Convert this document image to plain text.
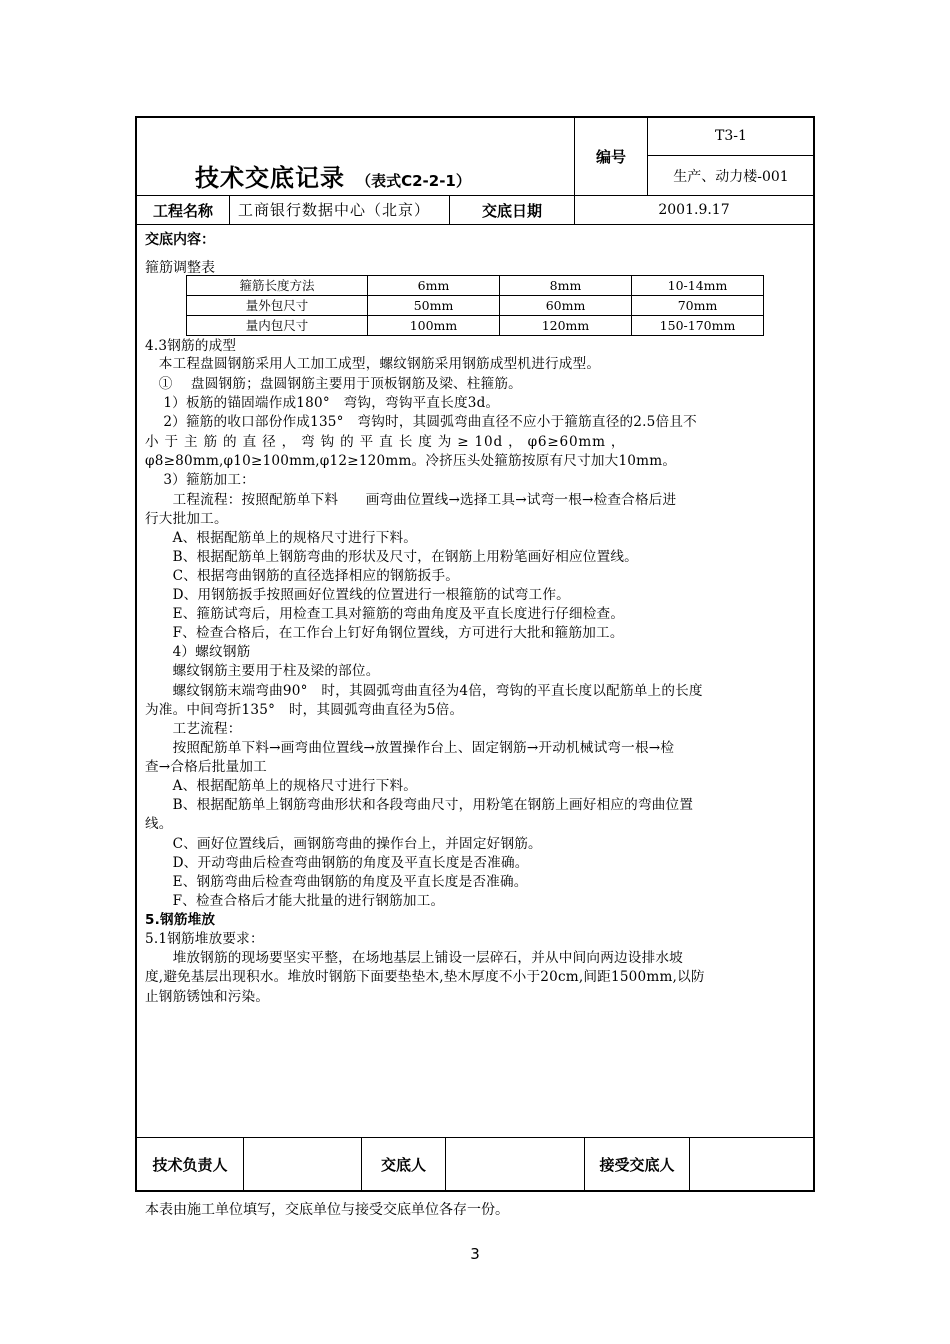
技术交底记录 （表式C2-2-1）
编号
T3-1
生产、动力楼-001
工程名称	工商银行数据中心（北京）	交底日期	2001.9.17
交底内容：
箍筋调整表
箍筋长度方法	6mm	8mm	10-14mm
量外包尺寸	50mm	60mm	70mm
量内包尺寸	100mm	120mm	150-170mm
4.3钢筋的成型
　本工程盘圆钢筋采用人工加工成型，螺纹钢筋采用钢筋成型机进行成型。
　①　 盘圆钢筋；盘圆钢筋主要用于顶板钢筋及梁、柱箍筋。
　 1）板筋的锚固端作成180°　弯钩，弯钩平直长度3d。
　 2）箍筋的收口部份作成135°　弯钩时，其圆弧弯曲直径不应小于箍筋直径的2.5倍且不
小 于 主 筋 的 直 径 ， 弯 钩 的 平 直 长 度 为 ≥ 10d ， φ6≥60mm ，
φ8≥80mm,φ10≥100mm,φ12≥120mm。冷挤压头处箍筋按原有尺寸加大10mm。
　 3）箍筋加工：
　　工程流程：按照配筋单下料　　画弯曲位置线→选择工具→试弯一根→检查合格后进
行大批加工。
　　A、根据配筋单上的规格尺寸进行下料。
　　B、根据配筋单上钢筋弯曲的形状及尺寸，在钢筋上用粉笔画好相应位置线。
　　C、根据弯曲钢筋的直径选择相应的钢筋扳手。
　　D、用钢筋扳手按照画好位置线的位置进行一根箍筋的试弯工作。
　　E、箍筋试弯后，用检查工具对箍筋的弯曲角度及平直长度进行仔细检查。
　　F、检查合格后，在工作台上钉好角钢位置线，方可进行大批和箍筋加工。
　　4）螺纹钢筋
　　螺纹钢筋主要用于柱及梁的部位。
　　螺纹钢筋末端弯曲90°　时，其圆弧弯曲直径为4倍，弯钩的平直长度以配筋单上的长度
为准。中间弯折135°　时，其圆弧弯曲直径为5倍。
　　工艺流程：
　　按照配筋单下料→画弯曲位置线→放置操作台上、固定钢筋→开动机械试弯一根→检
查→合格后批量加工
　　A、根据配筋单上的规格尺寸进行下料。
　　B、根据配筋单上钢筋弯曲形状和各段弯曲尺寸，用粉笔在钢筋上画好相应的弯曲位置
线。
　　C、画好位置线后，画钢筋弯曲的操作台上，并固定好钢筋。
　　D、开动弯曲后检查弯曲钢筋的角度及平直长度是否准确。
　　E、钢筋弯曲后检查弯曲钢筋的角度及平直长度是否准确。
　　F、检查合格后才能大批量的进行钢筋加工。
5.钢筋堆放
5.1钢筋堆放要求：
　　堆放钢筋的现场要坚实平整，在场地基层上铺设一层碎石，并从中间向两边设排水坡
度,避免基层出现积水。堆放时钢筋下面要垫垫木,垫木厚度不小于20cm,间距1500mm,以防
止钢筋锈蚀和污染。
技术负责人	交底人	接受交底人
本表由施工单位填写，交底单位与接受交底单位各存一份。
3
